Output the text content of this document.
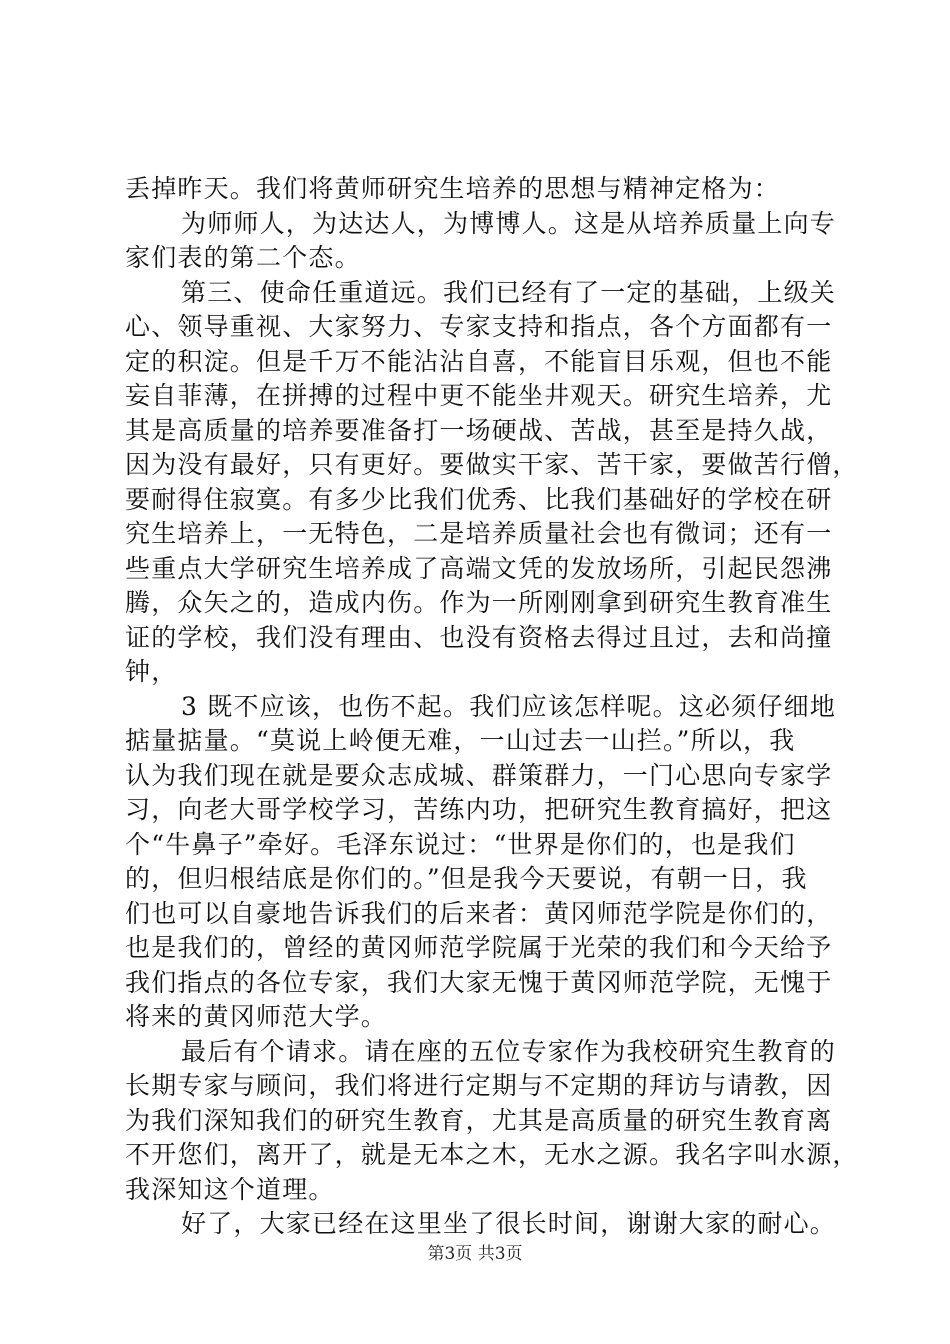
丢掉昨天。我们将黄师研究生培养的思想与精神定格为：
为师师人，为达达人，为博博人。这是从培养质量上向专
家们表的第二个态。
第三、使命任重道远。我们已经有了一定的基础，上级关
心、领导重视、大家努力、专家支持和指点，各个方面都有一
定的积淀。但是千万不能沾沾自喜，不能盲目乐观，但也不能
妄自菲薄，在拼搏的过程中更不能坐井观天。研究生培养，尤
其是高质量的培养要准备打一场硬战、苦战，甚至是持久战，
因为没有最好，只有更好。要做实干家、苦干家，要做苦行僧，
要耐得住寂寞。有多少比我们优秀、比我们基础好的学校在研
究生培养上，一无特色，二是培养质量社会也有微词；还有一
些重点大学研究生培养成了高端文凭的发放场所，引起民怨沸
腾，众矢之的，造成内伤。作为一所刚刚拿到研究生教育准生
证的学校，我们没有理由、也没有资格去得过且过，去和尚撞
钟，
3 既不应该，也伤不起。我们应该怎样呢。这必须仔细地
掂量掂量。“莫说上岭便无难，一山过去一山拦。”所以，我
认为我们现在就是要众志成城、群策群力，一门心思向专家学
习，向老大哥学校学习，苦练内功，把研究生教育搞好，把这
个“牛鼻子”牵好。毛泽东说过：“世界是你们的，也是我们
的，但归根结底是你们的。”但是我今天要说，有朝一日，我
们也可以自豪地告诉我们的后来者：黄冈师范学院是你们的，
也是我们的，曾经的黄冈师范学院属于光荣的我们和今天给予
我们指点的各位专家，我们大家无愧于黄冈师范学院，无愧于
将来的黄冈师范大学。
最后有个请求。请在座的五位专家作为我校研究生教育的
长期专家与顾问，我们将进行定期与不定期的拜访与请教，因
为我们深知我们的研究生教育，尤其是高质量的研究生教育离
不开您们，离开了，就是无本之木，无水之源。我名字叫水源，
我深知这个道理。
好了，大家已经在这里坐了很长时间，谢谢大家的耐心。
第3页 共3页
